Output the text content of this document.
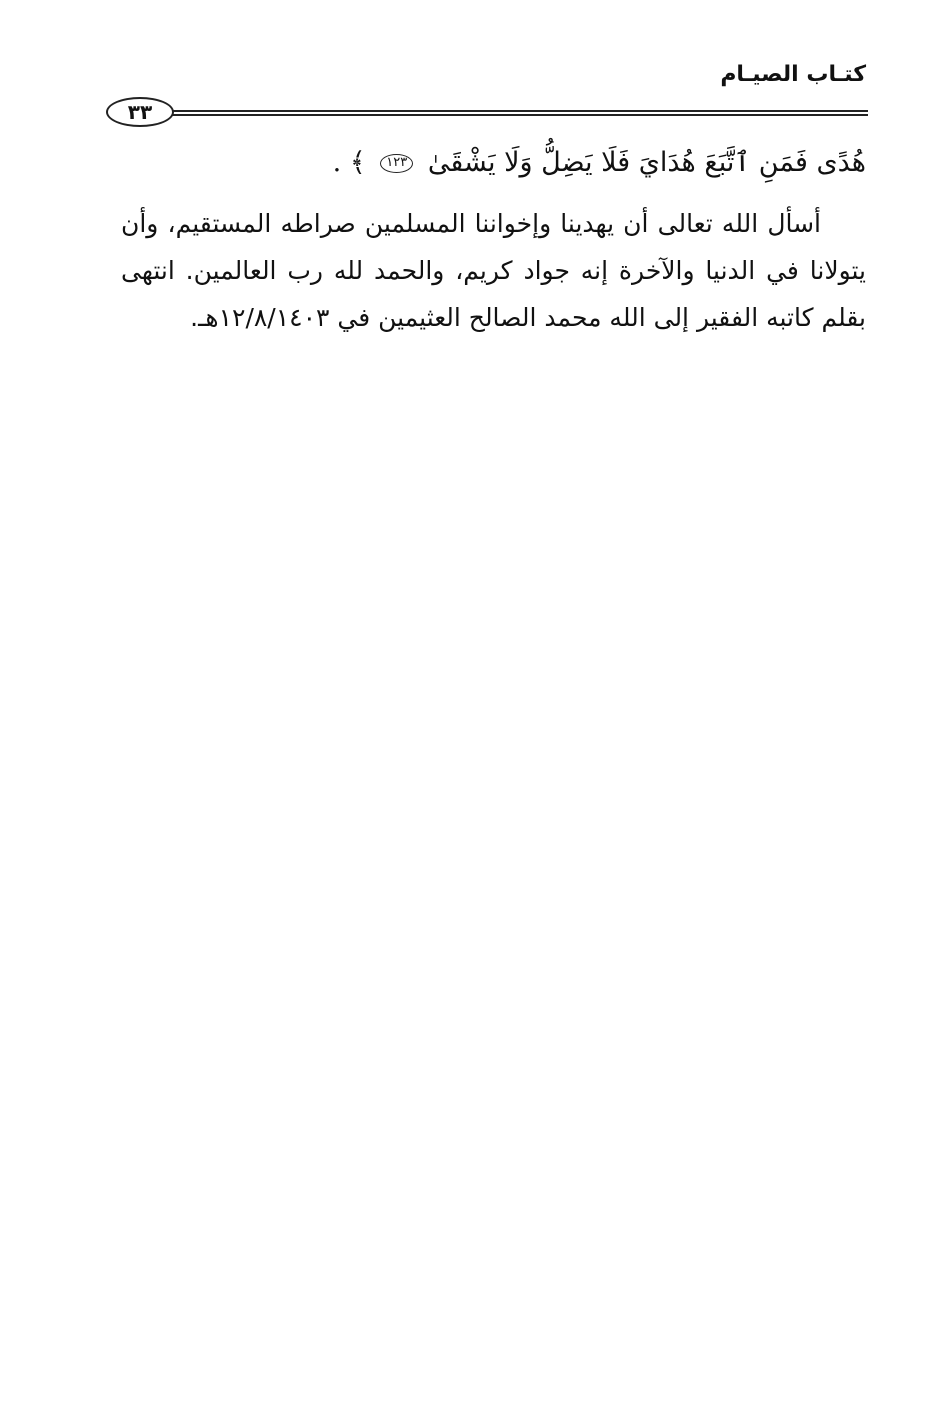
كتـاب الصيـام
٣٣
هُدًى فَمَنِ ٱتَّبَعَ هُدَايَ فَلَا يَضِلُّ وَلَا يَشْقَىٰ ١٢٣ ﴾ .

أسأل الله تعالى أن يهدينا وإخواننا المسلمين صراطه المستقيم، وأن يتولانا في الدنيا والآخرة إنه جواد كريم، والحمد لله رب العالمين. انتهى بقلم كاتبه الفقير إلى الله محمد الصالح العثيمين في ١٢/٨/١٤٠٣هـ.
